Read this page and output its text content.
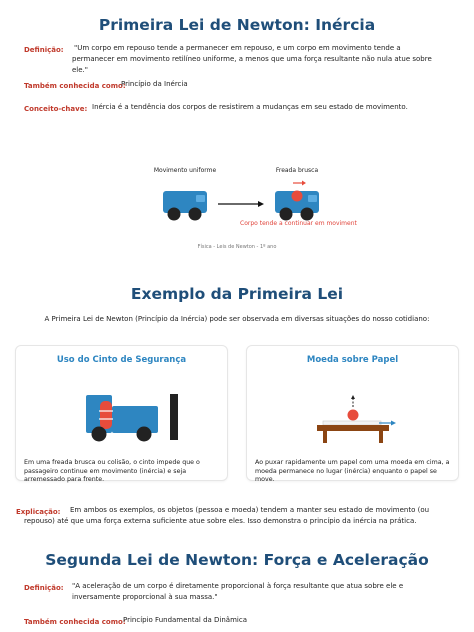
Primeira Lei de Newton: Inércia
Definição: "Um corpo em repouso tende a permanecer em repouso, e um corpo em movimento tende a permanecer em movimento retilíneo uniforme, a menos que uma força resultante não nula atue sobre ele."
Também conhecida como:
Princípio da Inércia
Conceito-chave: Inércia é a tendência dos corpos de resistirem a mudanças em seu estado de movimento.
Movimento uniforme	Freada brusca
Corpo tende a continuar em moviment
Física - Leis de Newton - 1º ano
Exemplo da Primeira Lei
A Primeira Lei de Newton (Princípio da Inércia) pode ser observada em diversas situações do nosso cotidiano:
Uso do Cinto de Segurança
Em uma freada brusca ou colisão, o cinto impede que o passageiro continue em movimento (inércia) e seja arremessado para frente.
Moeda sobre Papel
Ao puxar rapidamente um papel com uma moeda em cima, a moeda permanece no lugar (inércia) enquanto o papel se move.
Explicação:	Em ambos os exemplos, os objetos (pessoa e moeda) tendem a manter seu estado de movimento (ou repouso) até que uma força externa suficiente atue sobre eles. Isso demonstra o princípio da inércia na prática.
Segunda Lei de Newton: Força e Aceleração
Definição: "A aceleração de um corpo é diretamente proporcional à força resultante que atua sobre ele e inversamente proporcional à sua massa."
Também conhecida como:
Princípio Fundamental da Dinâmica
